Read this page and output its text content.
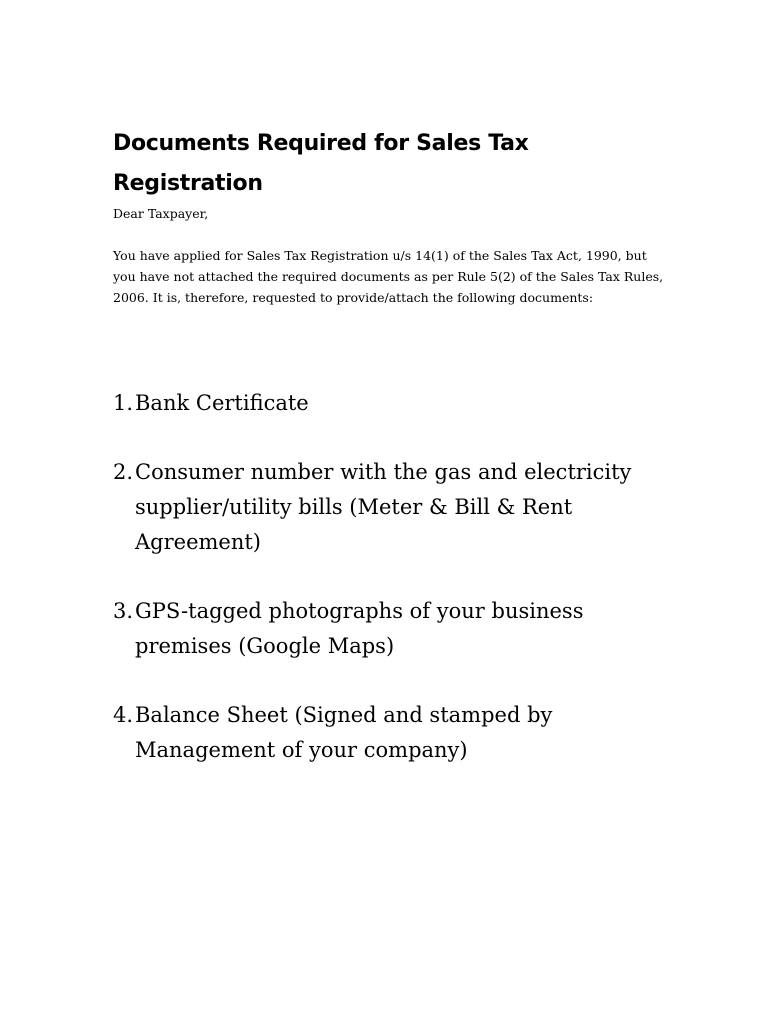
Documents Required for Sales Tax Registration

Dear Taxpayer,

You have applied for Sales Tax Registration u/s 14(1) of the Sales Tax Act, 1990, but you have not attached the required documents as per Rule 5(2) of the Sales Tax Rules, 2006. It is, therefore, requested to provide/attach the following documents:

1. Bank Certificate
2. Consumer number with the gas and electricity supplier/utility bills (Meter & Bill & Rent Agreement)
3. GPS-tagged photographs of your business premises (Google Maps)
4. Balance Sheet (Signed and stamped by Management of your company)
